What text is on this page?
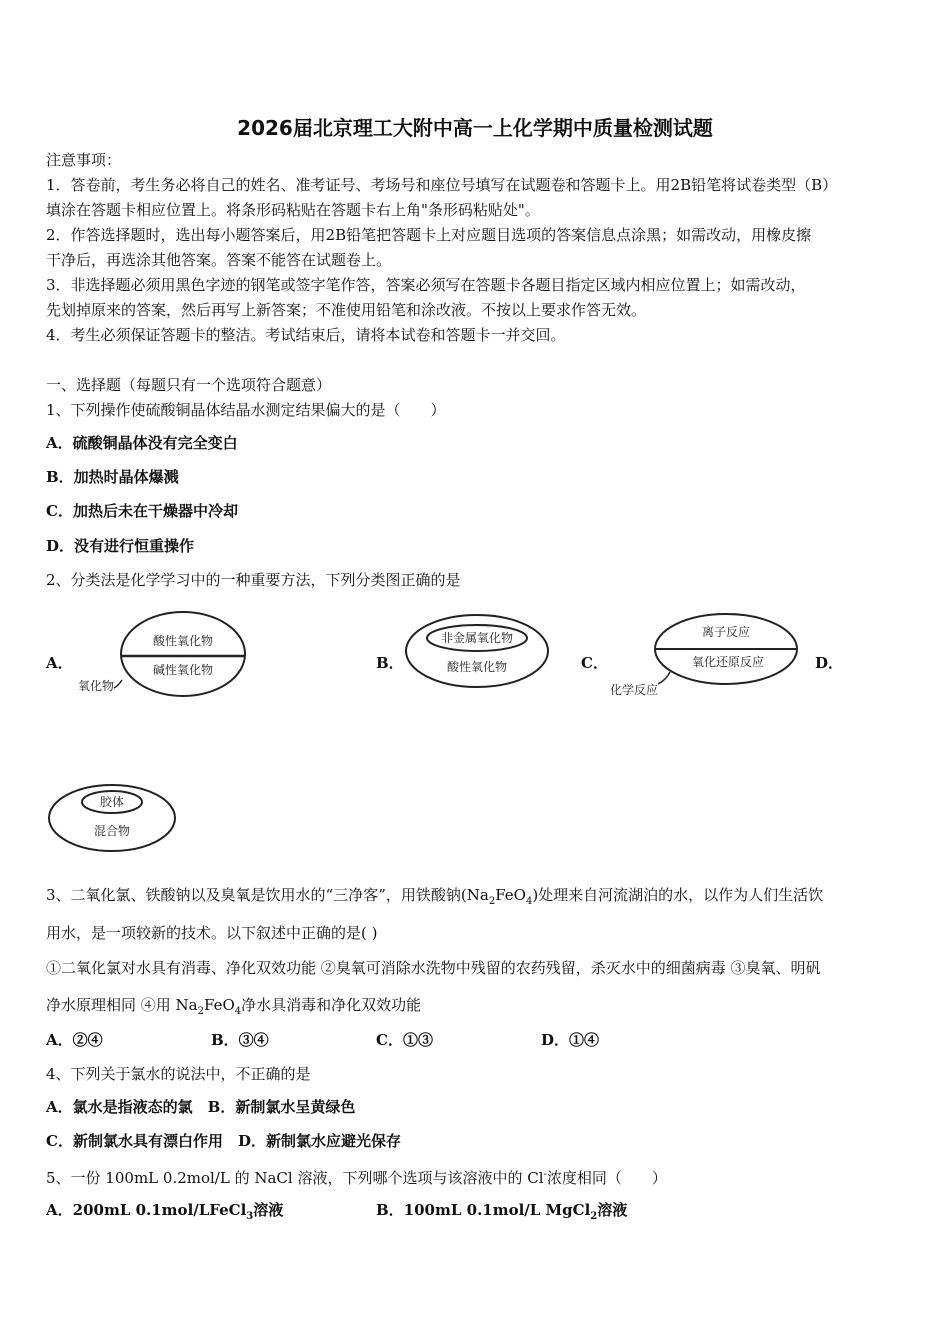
2026届北京理工大附中高一上化学期中质量检测试题
注意事项：
1．答卷前，考生务必将自己的姓名、准考证号、考场号和座位号填写在试题卷和答题卡上。用2B铅笔将试卷类型（B）
填涂在答题卡相应位置上。将条形码粘贴在答题卡右上角"条形码粘贴处"。
2．作答选择题时，选出每小题答案后，用2B铅笔把答题卡上对应题目选项的答案信息点涂黑；如需改动，用橡皮擦
干净后，再选涂其他答案。答案不能答在试题卷上。
3．非选择题必须用黑色字迹的钢笔或签字笔作答，答案必须写在答题卡各题目指定区域内相应位置上；如需改动，
先划掉原来的答案，然后再写上新答案；不准使用铅笔和涂改液。不按以上要求作答无效。
4．考生必须保证答题卡的整洁。考试结束后，请将本试卷和答题卡一并交回。
一、选择题（每题只有一个选项符合题意）
1、下列操作使硫酸铜晶体结晶水测定结果偏大的是（　　）
A．硫酸铜晶体没有完全变白
B．加热时晶体爆溅
C．加热后未在干燥器中冷却
D．没有进行恒重操作
2、分类法是化学学习中的一种重要方法，下列分类图正确的是
A．	B．	C．	D．
酸性氧化物
碱性氧化物
氧化物
非金属氧化物
酸性氧化物
离子反应
氧化还原反应
化学反应
胶体
混合物
3、二氧化氯、铁酸钠以及臭氧是饮用水的“三净客”，用铁酸钠$(Na_2FeO_4)$处理来自河流湖泊的水，以作为人们生活饮
用水，是一项较新的技术。以下叙述中正确的是( )
①二氧化氯对水具有消毒、净化双效功能 ②臭氧可消除水洗物中残留的农药残留，杀灭水中的细菌病毒 ③臭氧、明矾
净水原理相同 ④用 $Na_2FeO_4$净水具消毒和净化双效功能
A．②④	B．③④	C．①③	D．①④
4、下列关于氯水的说法中，不正确的是
A．氯水是指液态的氯　B．新制氯水呈黄绿色
C．新制氯水具有漂白作用　D．新制氯水应避光保存
5、一份 100mL 0.2mol/L 的 NaCl 溶液，下列哪个选项与该溶液中的 Cl-浓度相同（　　）
A．200mL 0.1mol/LFeCl$_3$溶液	B．100mL 0.1mol/L MgCl$_2$溶液
